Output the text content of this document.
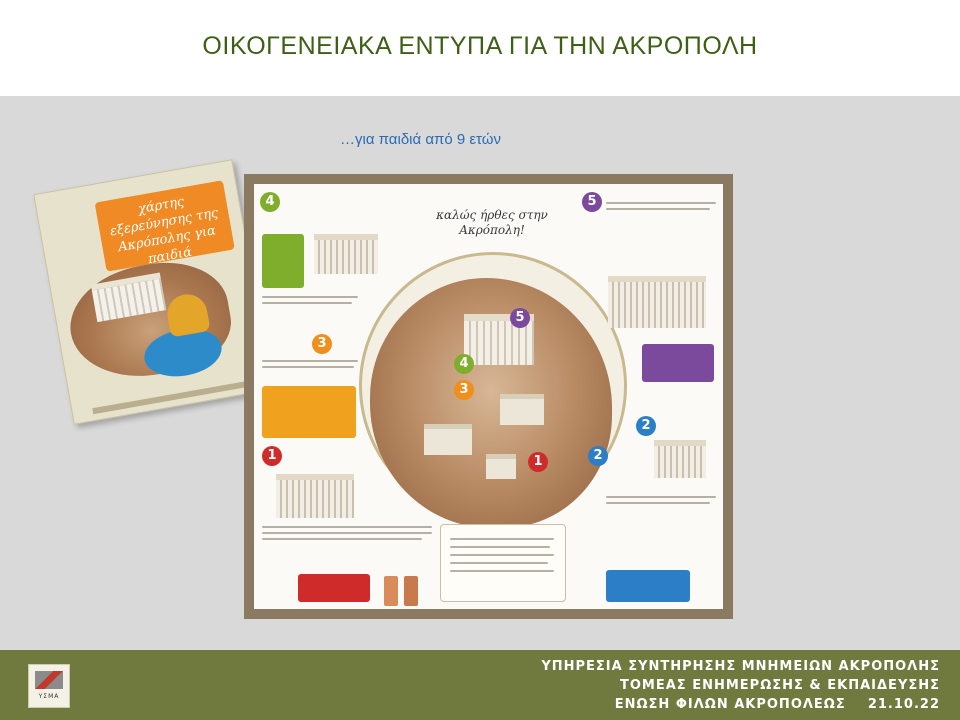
ΟΙΚΟΓΕΝΕΙΑΚΑ ΕΝΤΥΠΑ ΓΙΑ ΤΗΝ ΑΚΡΟΠΟΛΗ
…για παιδιά από 9 ετών
χάρτης εξερεύνησης της Ακρόπολης για παιδιά
καλώς ήρθες στην Ακρόπολη!
5
4
3
2
1
4	5
3
1
2
ΥΣΜΑ
ΥΠΗΡΕΣΙΑ ΣΥΝΤΗΡΗΣΗΣ ΜΝΗΜΕΙΩΝ ΑΚΡΟΠΟΛΗΣ
ΤΟΜΕΑΣ ΕΝΗΜΕΡΩΣΗΣ & ΕΚΠΑΙΔΕΥΣΗΣ
ΕΝΩΣΗ ΦΙΛΩΝ ΑΚΡΟΠΟΛΕΩΣ    21.10.22
